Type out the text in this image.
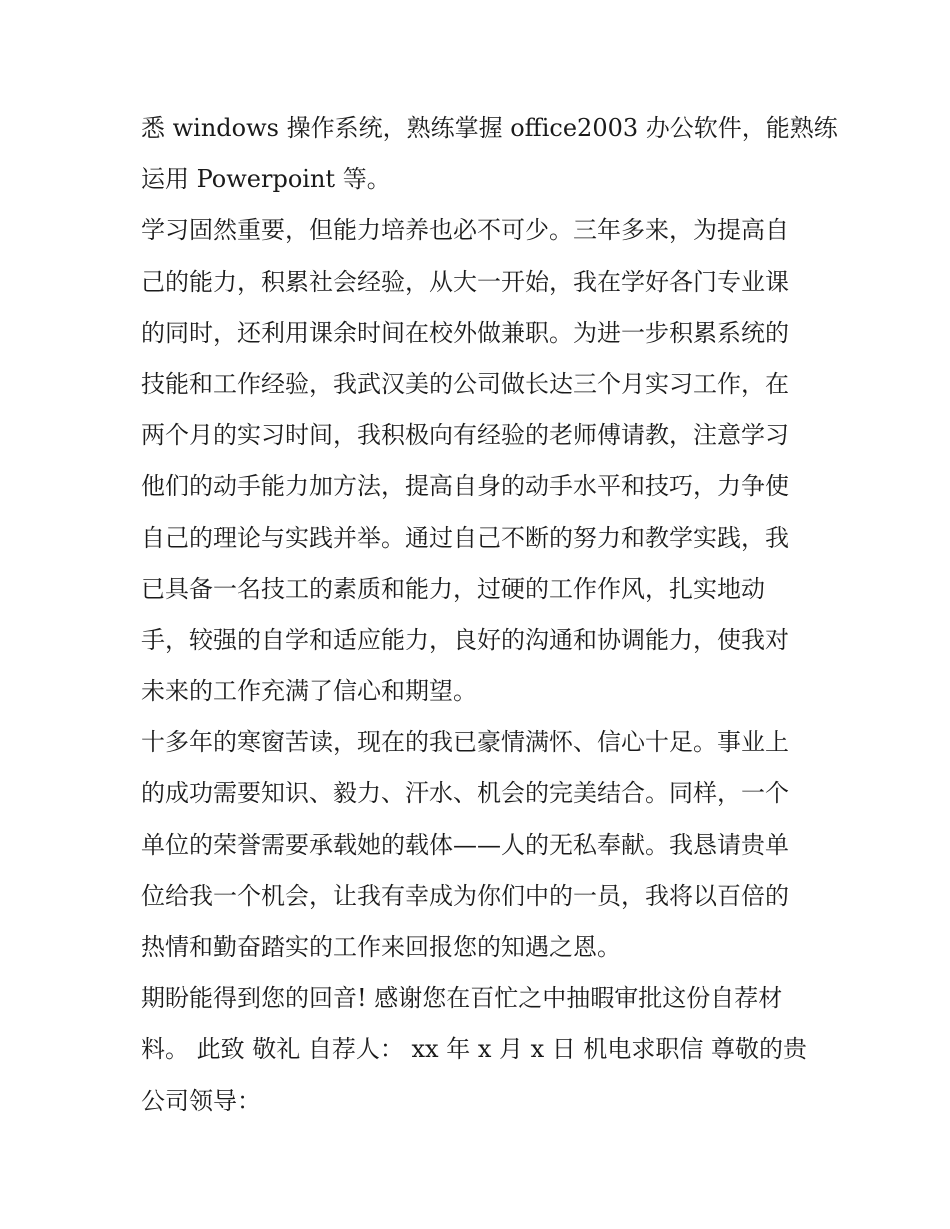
悉 windows 操作系统，熟练掌握 office2003 办公软件，能熟练
运用 Powerpoint 等。
学习固然重要，但能力培养也必不可少。三年多来，为提高自
己的能力，积累社会经验，从大一开始，我在学好各门专业课
的同时，还利用课余时间在校外做兼职。为进一步积累系统的
技能和工作经验，我武汉美的公司做长达三个月实习工作，在
两个月的实习时间，我积极向有经验的老师傅请教，注意学习
他们的动手能力加方法，提高自身的动手水平和技巧，力争使
自己的理论与实践并举。通过自己不断的努力和教学实践，我
已具备一名技工的素质和能力，过硬的工作作风，扎实地动
手，较强的自学和适应能力，良好的沟通和协调能力，使我对
未来的工作充满了信心和期望。
十多年的寒窗苦读，现在的我已豪情满怀、信心十足。事业上
的成功需要知识、毅力、汗水、机会的完美结合。同样，一个
单位的荣誉需要承载她的载体——人的无私奉献。我恳请贵单
位给我一个机会，让我有幸成为你们中的一员，我将以百倍的
热情和勤奋踏实的工作来回报您的知遇之恩。
期盼能得到您的回音! 感谢您在百忙之中抽暇审批这份自荐材
料。 此致 敬礼 自荐人： xx 年 x 月 x 日 机电求职信 尊敬的贵
公司领导：
